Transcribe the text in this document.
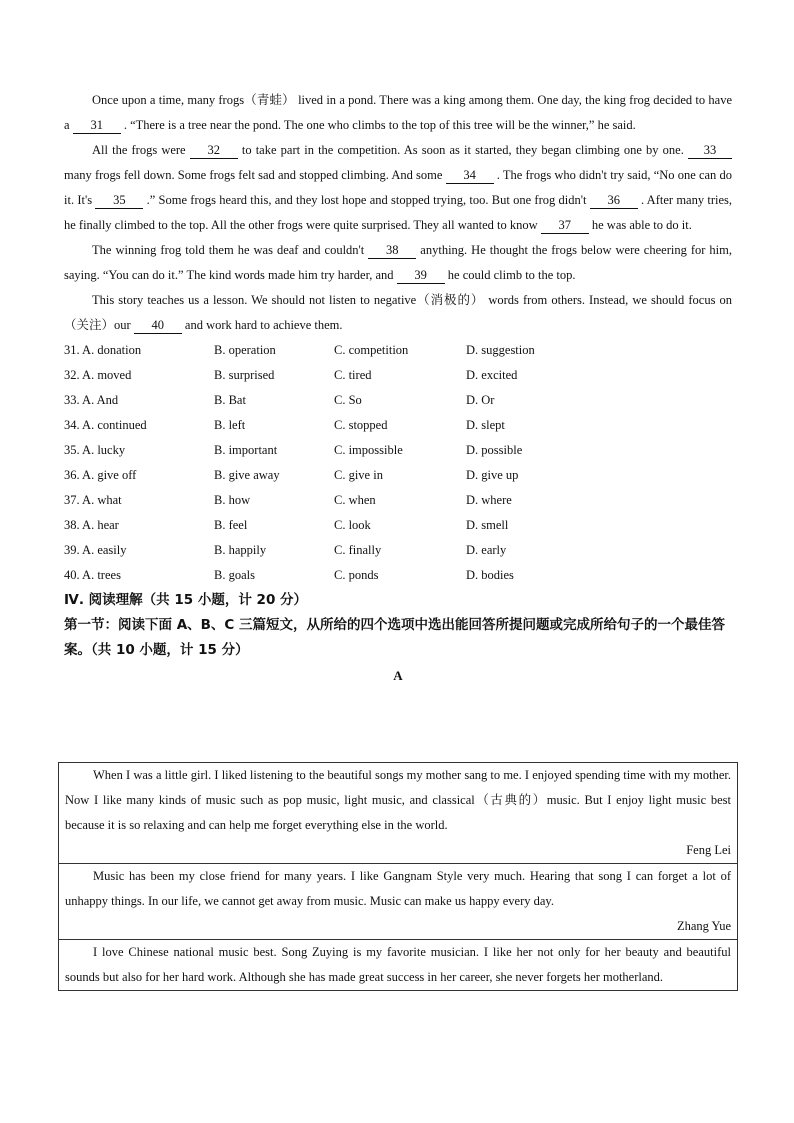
Once upon a time, many frogs（青蛙） lived in a pond. There was a king among them. One day, the king frog decided to have a 31 . “There is a tree near the pond. The one who climbs to the top of this tree will be the winner,” he said.

All the frogs were 32 to take part in the competition. As soon as it started, they began climbing one by one. 33 many frogs fell down. Some frogs felt sad and stopped climbing. And some 34 . The frogs who didn't try said, “No one can do it. It's 35 .” Some frogs heard this, and they lost hope and stopped trying, too. But one frog didn't 36 . After many tries, he finally climbed to the top. All the other frogs were quite surprised. They all wanted to know 37 he was able to do it.

The winning frog told them he was deaf and couldn't 38 anything. He thought the frogs below were cheering for him, saying. “You can do it.” The kind words made him try harder, and 39 he could climb to the top.

This story teaches us a lesson. We should not listen to negative（消极的） words from others. Instead, we should focus on（关注）our 40 and work hard to achieve them.

31. A. donation	B. operation	C. competition	D. suggestion
32. A. moved	B. surprised	C. tired	D. excited
33. A. And	B. Bat	C. So	D. Or
34. A. continued	B. left	C. stopped	D. slept
35. A. lucky	B. important	C. impossible	D. possible
36. A. give off	B. give away	C. give in	D. give up
37. A. what	B. how	C. when	D. where
38. A. hear	B. feel	C. look	D. smell
39. A. easily	B. happily	C. finally	D. early
40. A. trees	B. goals	C. ponds	D. bodies

Ⅳ. 阅读理解（共 15 小题，计 20 分）

第一节：阅读下面 A、B、C 三篇短文，从所给的四个选项中选出能回答所提问题或完成所给句子的一个最佳答案。（共 10 小题，计 15 分）

A

When I was a little girl. I liked listening to the beautiful songs my mother sang to me. I enjoyed spending time with my mother. Now I like many kinds of music such as pop music, light music, and classical（古典的）music. But I enjoy light music best because it is so relaxing and can help me forget everything else in the world.

Feng Lei

Music has been my close friend for many years. I like Gangnam Style very much. Hearing that song I can forget a lot of unhappy things. In our life, we cannot get away from music. Music can make us happy every day.

Zhang Yue

I love Chinese national music best. Song Zuying is my favorite musician. I like her not only for her beauty and beautiful sounds but also for her hard work. Although she has made great success in her career, she never forgets her motherland.
